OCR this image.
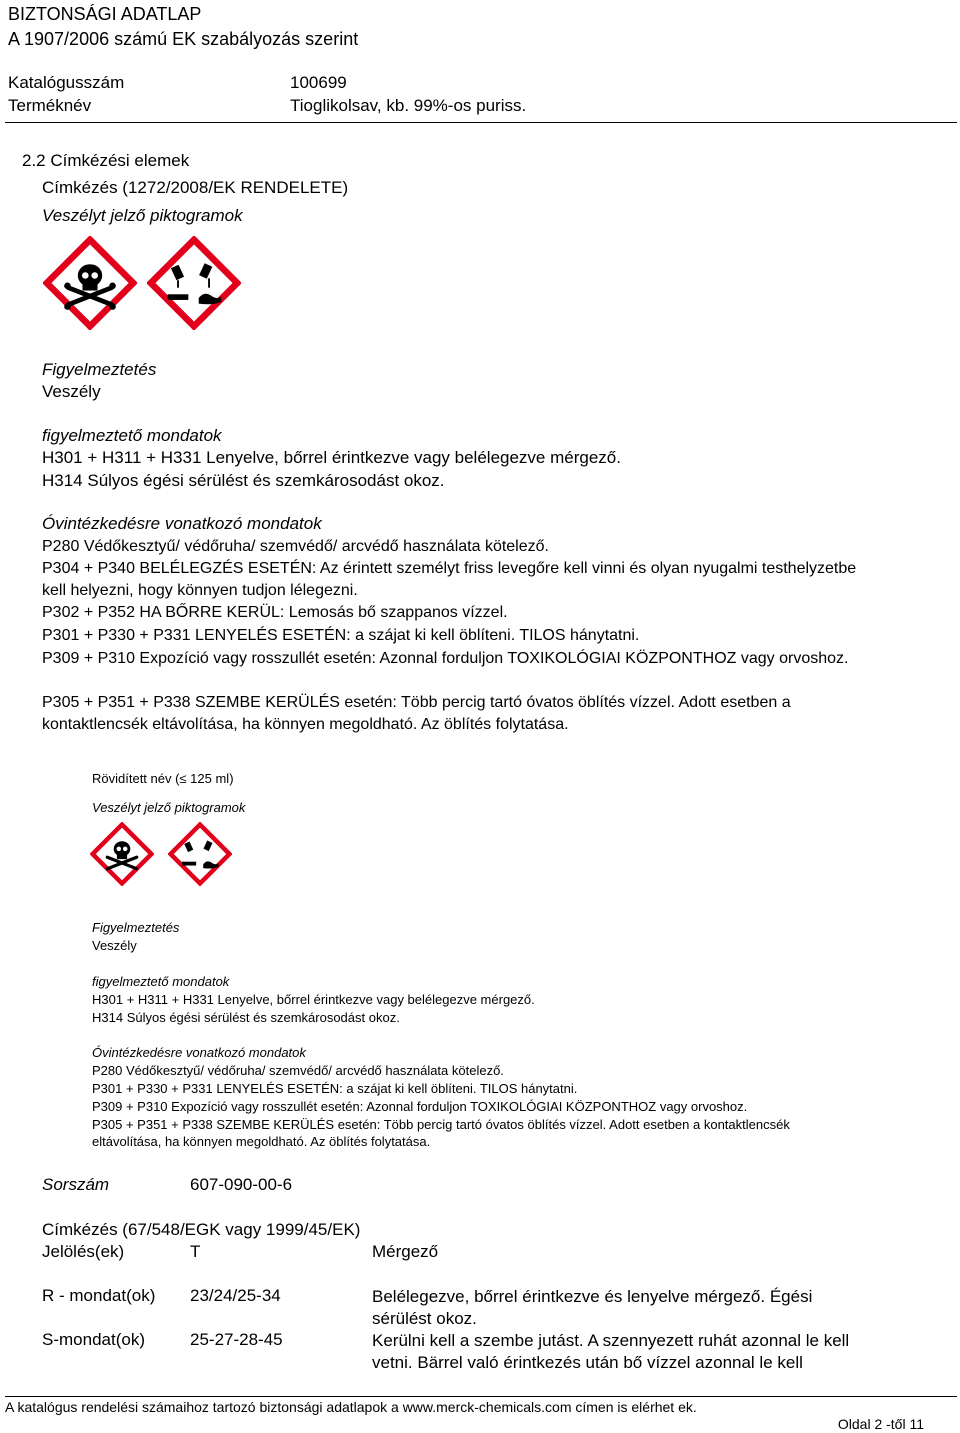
BIZTONSÁGI ADATLAP
A 1907/2006 számú EK szabályozás szerint
Katalógusszám	100699
Terméknév	Tioglikolsav, kb. 99%-os puriss.
2.2 Címkézési elemek
Címkézés (1272/2008/EK RENDELETE)
Veszélyt jelző piktogramok
Figyelmeztetés
Veszély
figyelmeztető mondatok
H301 + H311 + H331 Lenyelve, bőrrel érintkezve vagy belélegezve mérgező.
H314 Súlyos égési sérülést és szemkárosodást okoz.
Óvintézkedésre vonatkozó mondatok
P280 Védőkesztyű/ védőruha/ szemvédő/ arcvédő használata kötelező.
P304 + P340 BELÉLEGZÉS ESETÉN: Az érintett személyt friss levegőre kell vinni és olyan nyugalmi testhelyzetbe kell helyezni, hogy könnyen tudjon lélegezni.
P302 + P352 HA BŐRRE KERÜL: Lemosás bő szappanos vízzel.
P301 + P330 + P331 LENYELÉS ESETÉN: a szájat ki kell öblíteni. TILOS hánytatni.
P309 + P310 Expozíció vagy rosszullét esetén: Azonnal forduljon TOXIKOLÓGIAI KÖZPONTHOZ vagy orvoshoz.
P305 + P351 + P338 SZEMBE KERÜLÉS esetén: Több percig tartó óvatos öblítés vízzel. Adott esetben a kontaktlencsék eltávolítása, ha könnyen megoldható. Az öblítés folytatása.
Rövidített név (≤ 125 ml)
Veszélyt jelző piktogramok
Figyelmeztetés
Veszély
figyelmeztető mondatok
H301 + H311 + H331 Lenyelve, bőrrel érintkezve vagy belélegezve mérgező.
H314 Súlyos égési sérülést és szemkárosodást okoz.
Óvintézkedésre vonatkozó mondatok
P280 Védőkesztyű/ védőruha/ szemvédő/ arcvédő használata kötelező.
P301 + P330 + P331 LENYELÉS ESETÉN: a szájat ki kell öblíteni. TILOS hánytatni.
P309 + P310 Expozíció vagy rosszullét esetén: Azonnal forduljon TOXIKOLÓGIAI KÖZPONTHOZ vagy orvoshoz.
P305 + P351 + P338 SZEMBE KERÜLÉS esetén: Több percig tartó óvatos öblítés vízzel. Adott esetben a kontaktlencsék eltávolítása, ha könnyen megoldható. Az öblítés folytatása.
Sorszám	607-090-00-6
Címkézés (67/548/EGK vagy 1999/45/EK)
Jelölés(ek)	T	Mérgező
R - mondat(ok) 23/24/25-34	Belélegezve, bőrrel érintkezve és lenyelve mérgező. Égési sérülést okoz.
S-mondat(ok)	25-27-28-45	Kerülni kell a szembe jutást. A szennyezett ruhát azonnal le kell vetni. Bärrel való érintkezés után bő vízzel azonnal le kell
A katalógus rendelési számaihoz tartozó biztonsági adatlapok a www.merck-chemicals.com címen is elérhet ek.
Oldal 2 -től 11
